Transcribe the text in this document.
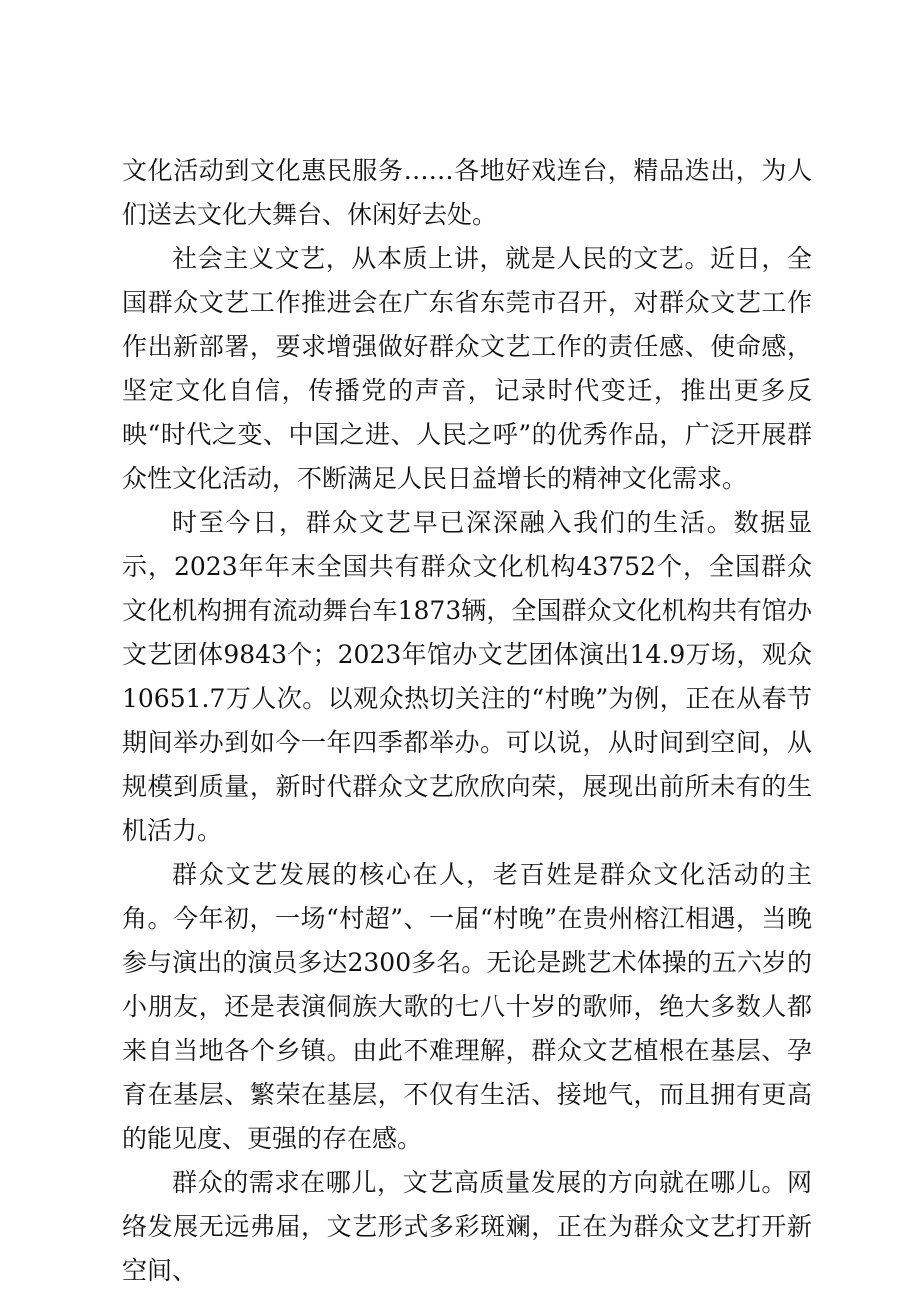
文化活动到文化惠民服务……各地好戏连台，精品迭出，为人们送去文化大舞台、休闲好去处。

社会主义文艺，从本质上讲，就是人民的文艺。近日，全国群众文艺工作推进会在广东省东莞市召开，对群众文艺工作作出新部署，要求增强做好群众文艺工作的责任感、使命感，坚定文化自信，传播党的声音，记录时代变迁，推出更多反映“时代之变、中国之进、人民之呼”的优秀作品，广泛开展群众性文化活动，不断满足人民日益增长的精神文化需求。

时至今日，群众文艺早已深深融入我们的生活。数据显示，2023年年末全国共有群众文化机构43752个，全国群众文化机构拥有流动舞台车1873辆，全国群众文化机构共有馆办文艺团体9843个；2023年馆办文艺团体演出14.9万场，观众10651.7万人次。以观众热切关注的“村晚”为例，正在从春节期间举办到如今一年四季都举办。可以说，从时间到空间，从规模到质量，新时代群众文艺欣欣向荣，展现出前所未有的生机活力。

群众文艺发展的核心在人，老百姓是群众文化活动的主角。今年初，一场“村超”、一届“村晚”在贵州榕江相遇，当晚参与演出的演员多达2300多名。无论是跳艺术体操的五六岁的小朋友，还是表演侗族大歌的七八十岁的歌师，绝大多数人都来自当地各个乡镇。由此不难理解，群众文艺植根在基层、孕育在基层、繁荣在基层，不仅有生活、接地气，而且拥有更高的能见度、更强的存在感。

群众的需求在哪儿，文艺高质量发展的方向就在哪儿。网络发展无远弗届，文艺形式多彩斑斓，正在为群众文艺打开新空间、
